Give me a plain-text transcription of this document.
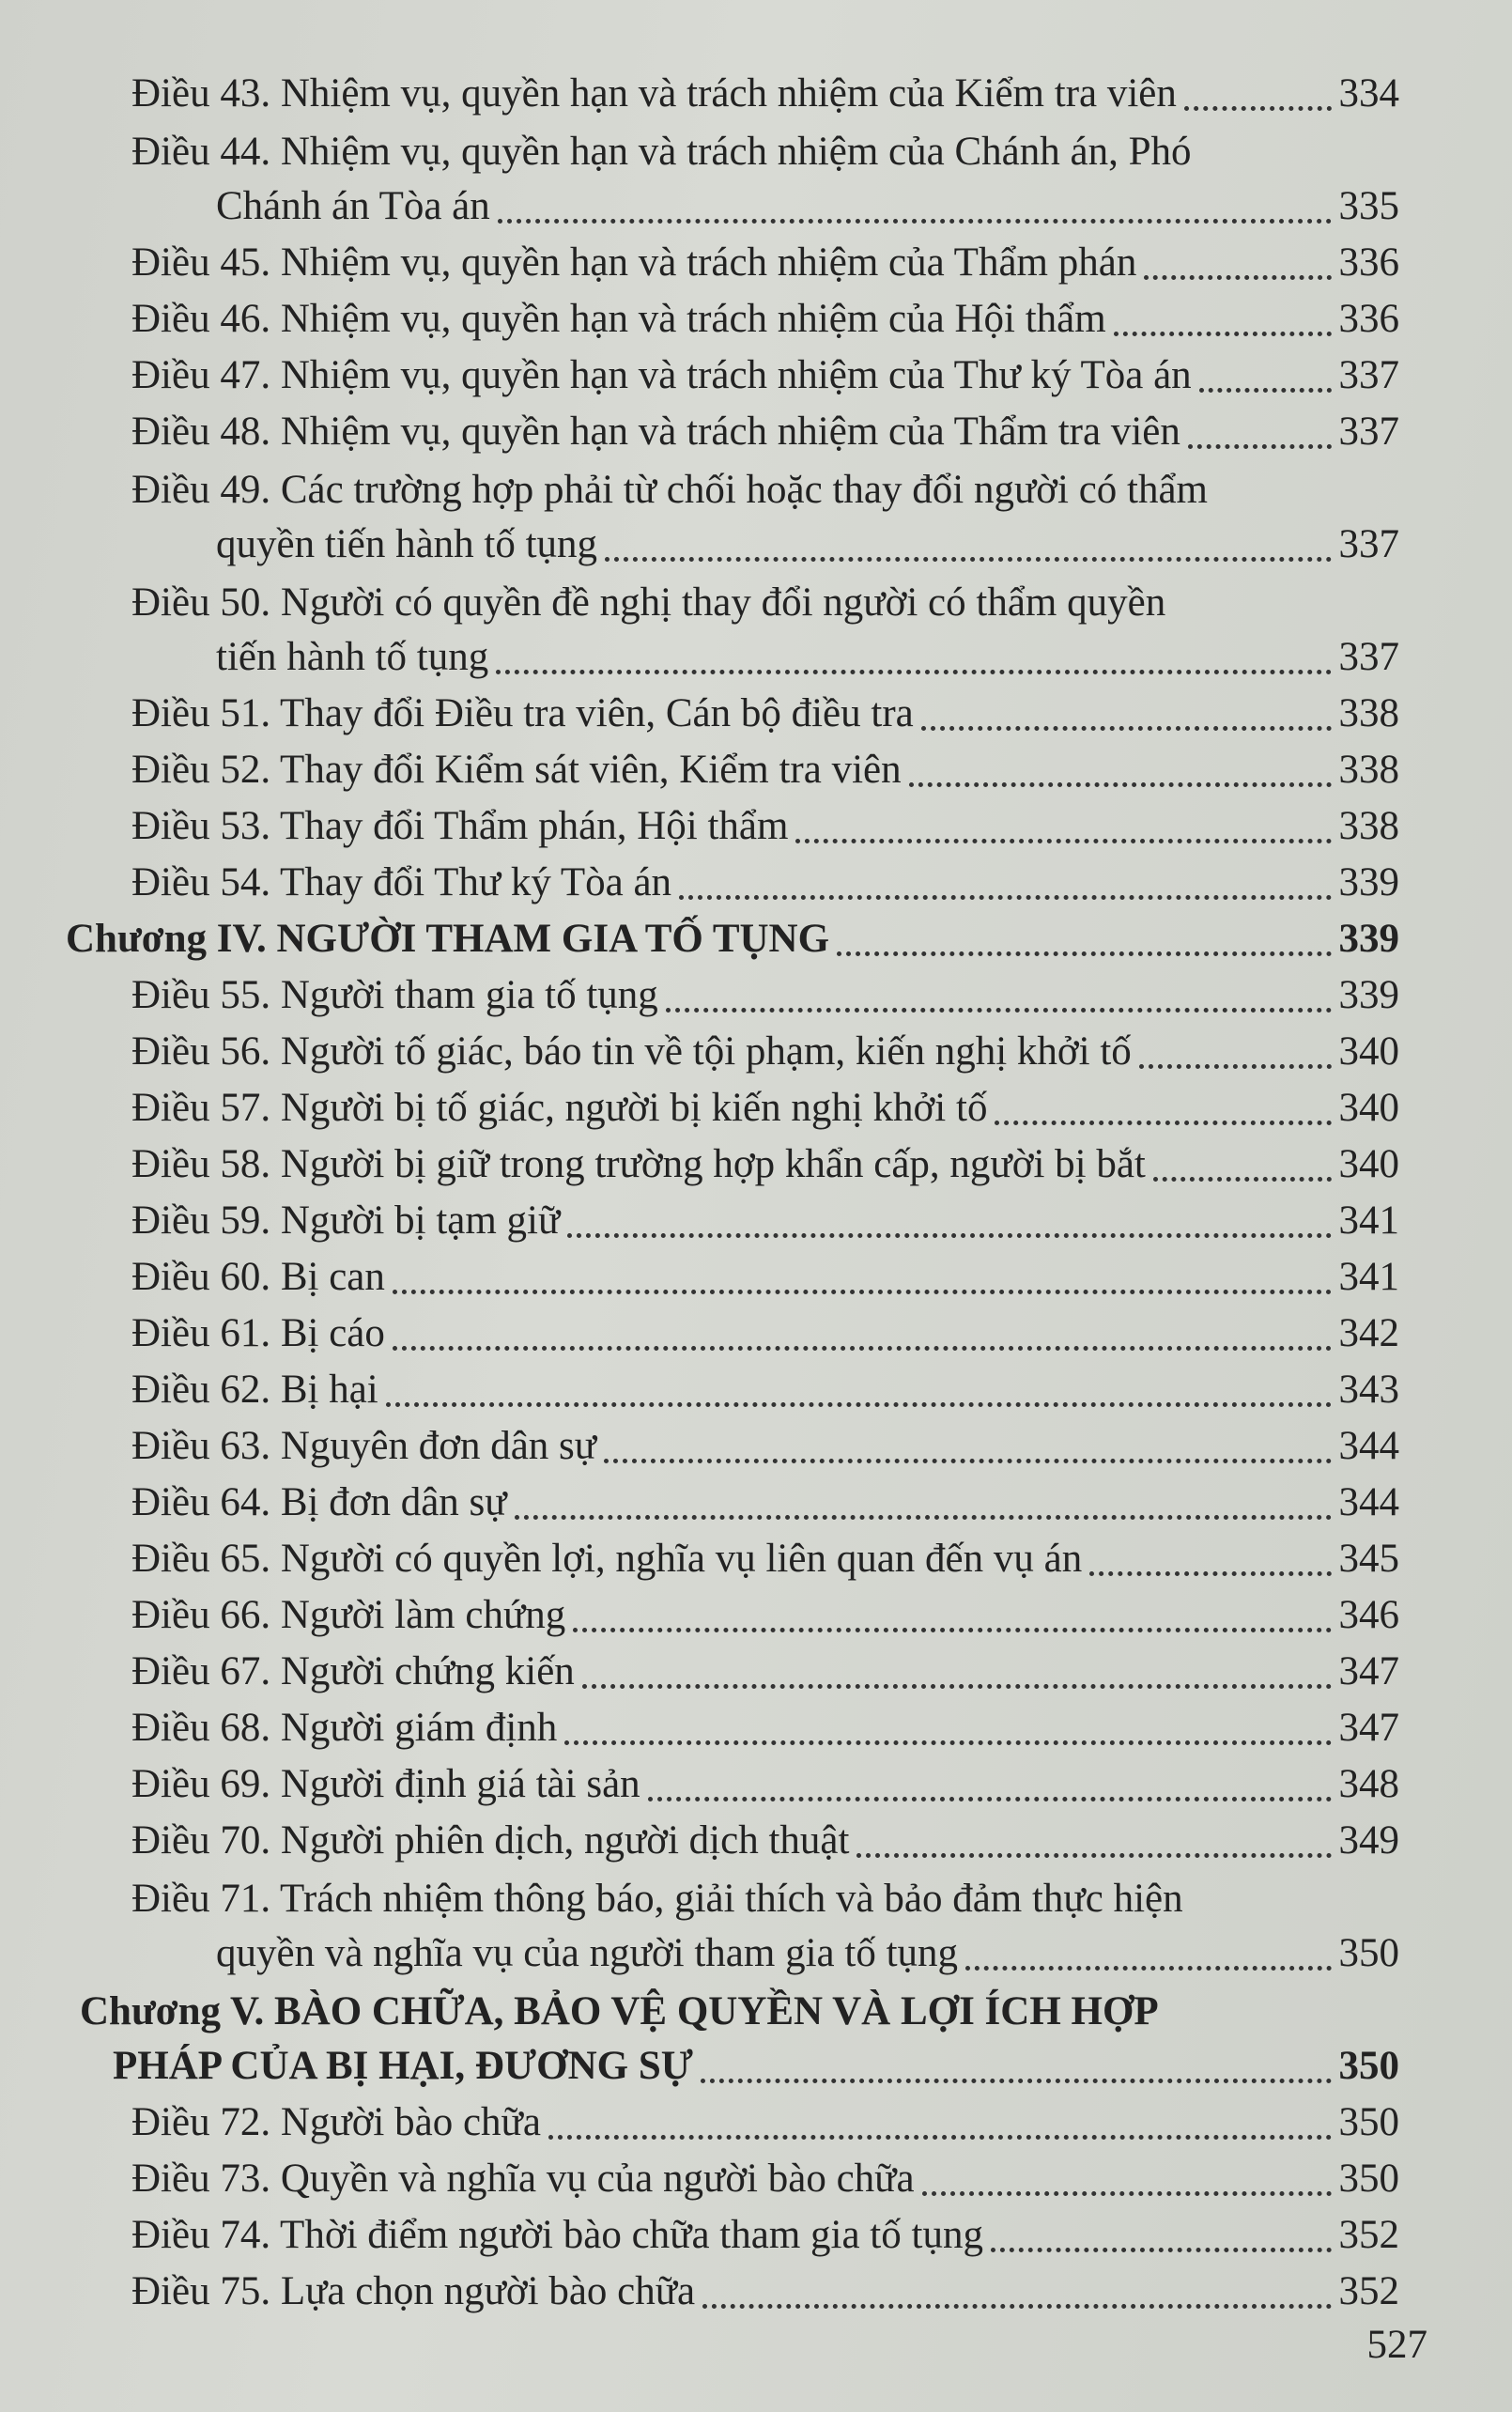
Điều 43. Nhiệm vụ, quyền hạn và trách nhiệm của Kiểm tra viên	334
Điều 44. Nhiệm vụ, quyền hạn và trách nhiệm của Chánh án, Phó
Chánh án Tòa án	335
Điều 45. Nhiệm vụ, quyền hạn và trách nhiệm của Thẩm phán	336
Điều 46. Nhiệm vụ, quyền hạn và trách nhiệm của Hội thẩm	336
Điều 47. Nhiệm vụ, quyền hạn và trách nhiệm của Thư ký Tòa án	337
Điều 48. Nhiệm vụ, quyền hạn và trách nhiệm của Thẩm tra viên	337
Điều 49. Các trường hợp phải từ chối hoặc thay đổi người có thẩm
quyền tiến hành tố tụng	337
Điều 50. Người có quyền đề nghị thay đổi người có thẩm quyền
tiến hành tố tụng	337
Điều 51. Thay đổi Điều tra viên, Cán bộ điều tra	338
Điều 52. Thay đổi Kiểm sát viên, Kiểm tra viên	338
Điều 53. Thay đổi Thẩm phán, Hội thẩm	338
Điều 54. Thay đổi Thư ký Tòa án	339
Chương IV. NGƯỜI THAM GIA TỐ TỤNG	339
Điều 55. Người tham gia tố tụng	339
Điều 56. Người tố giác, báo tin về tội phạm, kiến nghị khởi tố	340
Điều 57. Người bị tố giác, người bị kiến nghị khởi tố	340
Điều 58. Người bị giữ trong trường hợp khẩn cấp, người bị bắt	340
Điều 59. Người bị tạm giữ	341
Điều 60. Bị can	341
Điều 61. Bị cáo	342
Điều 62. Bị hại	343
Điều 63. Nguyên đơn dân sự	344
Điều 64. Bị đơn dân sự	344
Điều 65. Người có quyền lợi, nghĩa vụ liên quan đến vụ án	345
Điều 66. Người làm chứng	346
Điều 67. Người chứng kiến	347
Điều 68. Người giám định	347
Điều 69. Người định giá tài sản	348
Điều 70. Người phiên dịch, người dịch thuật	349
Điều 71. Trách nhiệm thông báo, giải thích và bảo đảm thực hiện
quyền và nghĩa vụ của người tham gia tố tụng	350
Chương V. BÀO CHỮA, BẢO VỆ QUYỀN VÀ LỢI ÍCH HỢP
PHÁP CỦA BỊ HẠI, ĐƯƠNG SỰ	350
Điều 72. Người bào chữa	350
Điều 73. Quyền và nghĩa vụ của người bào chữa	350
Điều 74. Thời điểm người bào chữa tham gia tố tụng	352
Điều 75. Lựa chọn người bào chữa	352
527
